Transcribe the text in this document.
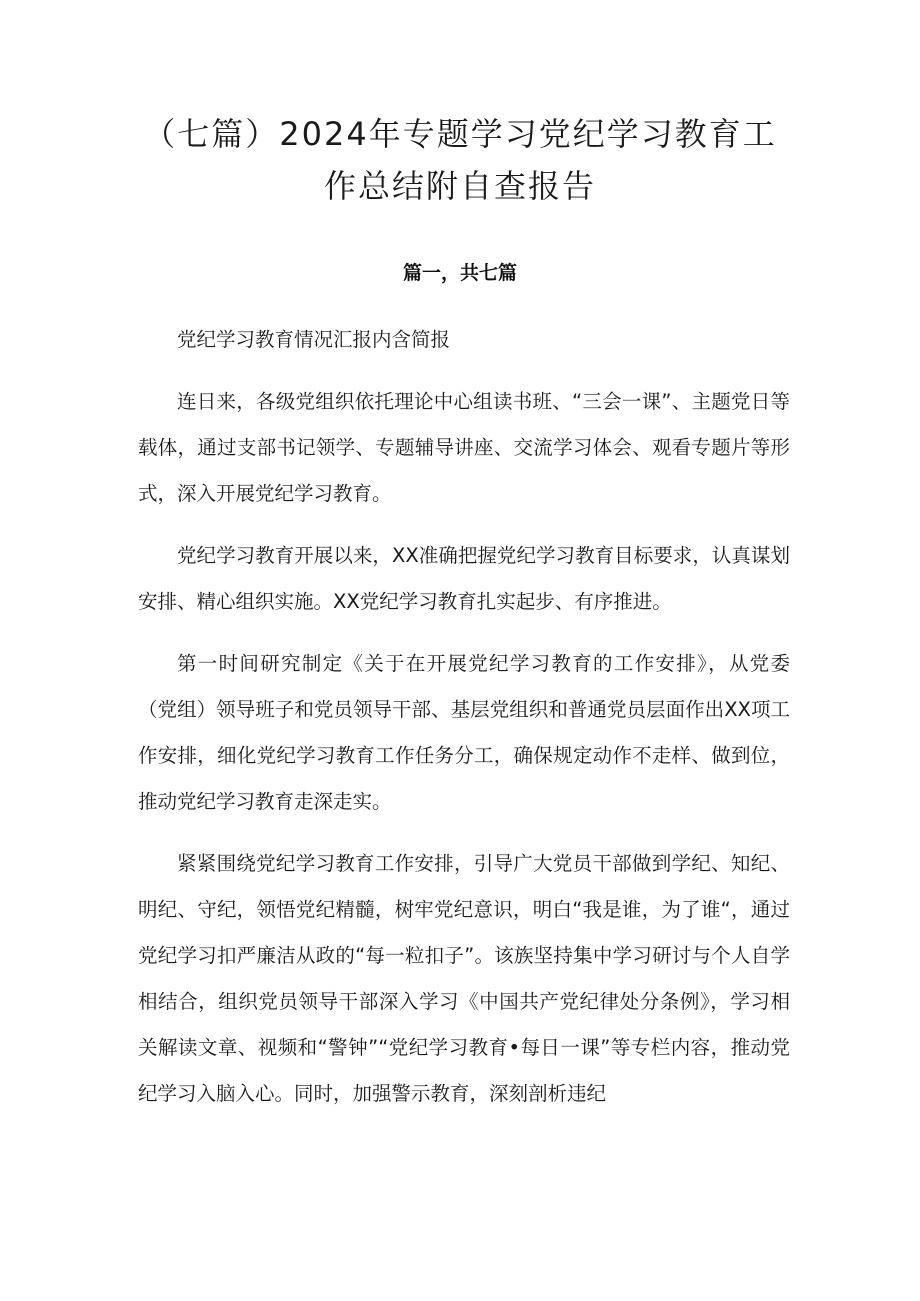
（七篇）2024年专题学习党纪学习教育工
作总结附自查报告
篇一，共七篇

党纪学习教育情况汇报内含简报

连日来，各级党组织依托理论中心组读书班、“三会一课”、主题党日等载体，通过支部书记领学、专题辅导讲座、交流学习体会、观看专题片等形式，深入开展党纪学习教育。

党纪学习教育开展以来，XX准确把握党纪学习教育目标要求，认真谋划安排、精心组织实施。XX党纪学习教育扎实起步、有序推进。

第一时间研究制定《关于在开展党纪学习教育的工作安排》，从党委（党组）领导班子和党员领导干部、基层党组织和普通党员层面作出XX项工作安排，细化党纪学习教育工作任务分工，确保规定动作不走样、做到位，推动党纪学习教育走深走实。

紧紧围绕党纪学习教育工作安排，引导广大党员干部做到学纪、知纪、明纪、守纪，领悟党纪精髓，树牢党纪意识，明白“我是谁，为了谁“，通过党纪学习扣严廉洁从政的“每一粒扣子”。该族坚持集中学习研讨与个人自学相结合，组织党员领导干部深入学习《中国共产党纪律处分条例》，学习相关解读文章、视频和“警钟”“党纪学习教育•每日一课”等专栏内容，推动党纪学习入脑入心。同时，加强警示教育，深刻剖析违纪
